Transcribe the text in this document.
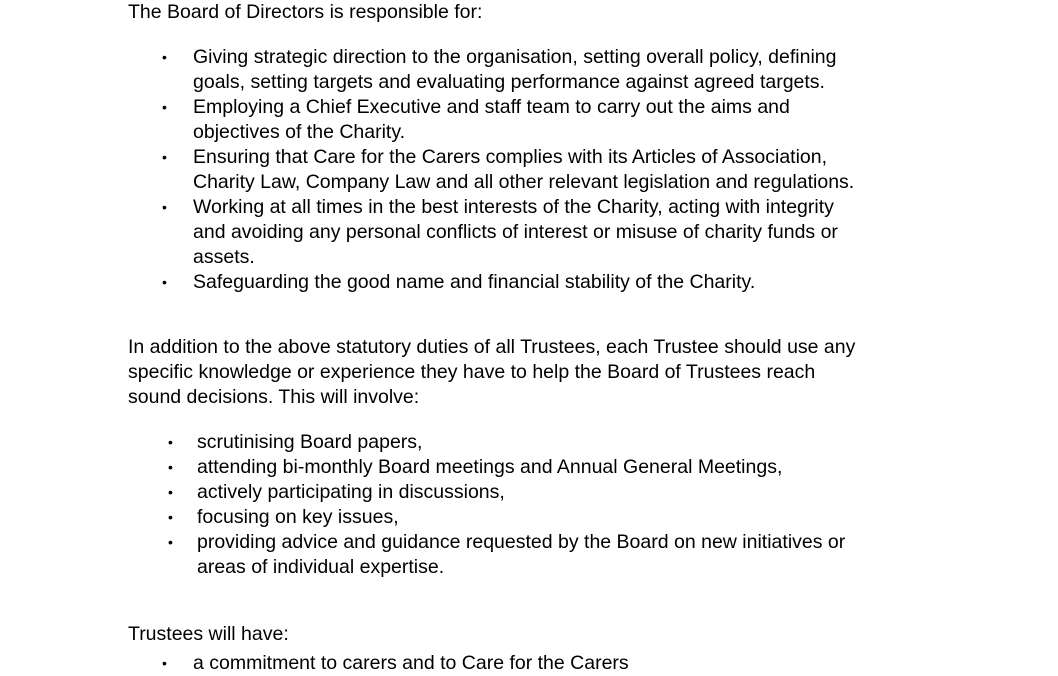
The Board of Directors is responsible for:

• Giving strategic direction to the organisation, setting overall policy, defining
goals, setting targets and evaluating performance against agreed targets.
• Employing a Chief Executive and staff team to carry out the aims and
objectives of the Charity.
• Ensuring that Care for the Carers complies with its Articles of Association,
Charity Law, Company Law and all other relevant legislation and regulations.
• Working at all times in the best interests of the Charity, acting with integrity
and avoiding any personal conflicts of interest or misuse of charity funds or
assets.
• Safeguarding the good name and financial stability of the Charity.
In addition to the above statutory duties of all Trustees, each Trustee should use any
specific knowledge or experience they have to help the Board of Trustees reach
sound decisions. This will involve:
• scrutinising Board papers,
• attending bi-monthly Board meetings and Annual General Meetings,
• actively participating in discussions,
• focusing on key issues,
• providing advice and guidance requested by the Board on new initiatives or
areas of individual expertise.

Trustees will have:

• a commitment to carers and to Care for the Carers
